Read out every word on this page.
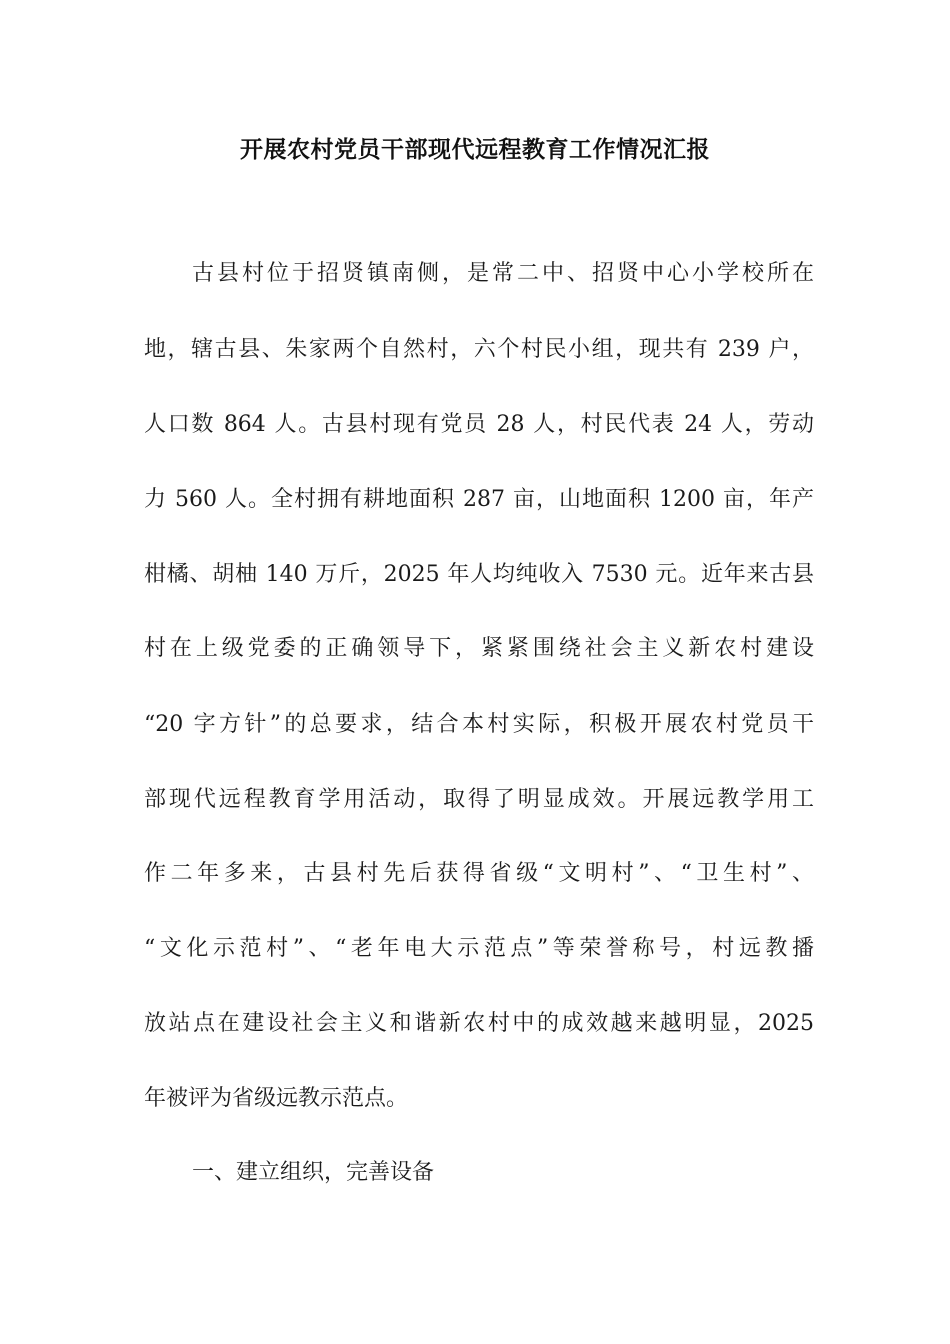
开展农村党员干部现代远程教育工作情况汇报
古县村位于招贤镇南侧，是常二中、招贤中心小学校所在
地，辖古县、朱家两个自然村，六个村民小组，现共有 239 户，
人口数 864 人。古县村现有党员 28 人，村民代表 24 人，劳动
力 560 人。全村拥有耕地面积 287 亩，山地面积 1200 亩，年产
柑橘、胡柚 140 万斤，2025 年人均纯收入 7530 元。近年来古县
村在上级党委的正确领导下，紧紧围绕社会主义新农村建设
“20 字方针”的总要求，结合本村实际，积极开展农村党员干
部现代远程教育学用活动，取得了明显成效。开展远教学用工
作二年多来，古县村先后获得省级“文明村”、“卫生村”、
“文化示范村”、“老年电大示范点”等荣誉称号，村远教播
放站点在建设社会主义和谐新农村中的成效越来越明显，2025
年被评为省级远教示范点。
一、建立组织，完善设备
